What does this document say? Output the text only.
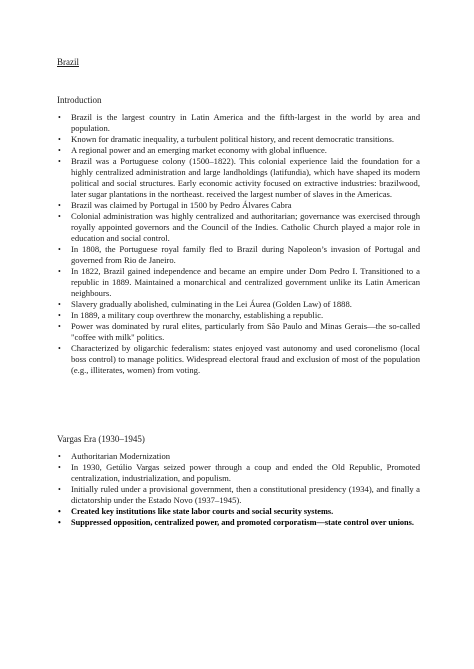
Brazil
Introduction
• Brazil is the largest country in Latin America and the fifth-largest in the world by area and population.
• Known for dramatic inequality, a turbulent political history, and recent democratic transitions.
• A regional power and an emerging market economy with global influence.
• Brazil was a Portuguese colony (1500–1822). This colonial experience laid the foundation for a highly centralized administration and large landholdings (latifundia), which have shaped its modern political and social structures. Early economic activity focused on extractive industries: brazilwood, later sugar plantations in the northeast. received the largest number of slaves in the Americas.
• Brazil was claimed by Portugal in 1500 by Pedro Álvares Cabra
• Colonial administration was highly centralized and authoritarian; governance was exercised through royally appointed governors and the Council of the Indies. Catholic Church played a major role in education and social control.
• In 1808, the Portuguese royal family fled to Brazil during Napoleon’s invasion of Portugal and governed from Rio de Janeiro.
• In 1822, Brazil gained independence and became an empire under Dom Pedro I. Transitioned to a republic in 1889. Maintained a monarchical and centralized government unlike its Latin American neighbours.
• Slavery gradually abolished, culminating in the Lei Áurea (Golden Law) of 1888.
• In 1889, a military coup overthrew the monarchy, establishing a republic.
• Power was dominated by rural elites, particularly from São Paulo and Minas Gerais—the so-called "coffee with milk" politics.
• Characterized by oligarchic federalism: states enjoyed vast autonomy and used coronelismo (local boss control) to manage politics. Widespread electoral fraud and exclusion of most of the population (e.g., illiterates, women) from voting.
Vargas Era (1930–1945)
• Authoritarian Modernization
• In 1930, Getúlio Vargas seized power through a coup and ended the Old Republic, Promoted centralization, industrialization, and populism.
• Initially ruled under a provisional government, then a constitutional presidency (1934), and finally a dictatorship under the Estado Novo (1937–1945).
• Created key institutions like state labor courts and social security systems.
• Suppressed opposition, centralized power, and promoted corporatism—state control over unions.
